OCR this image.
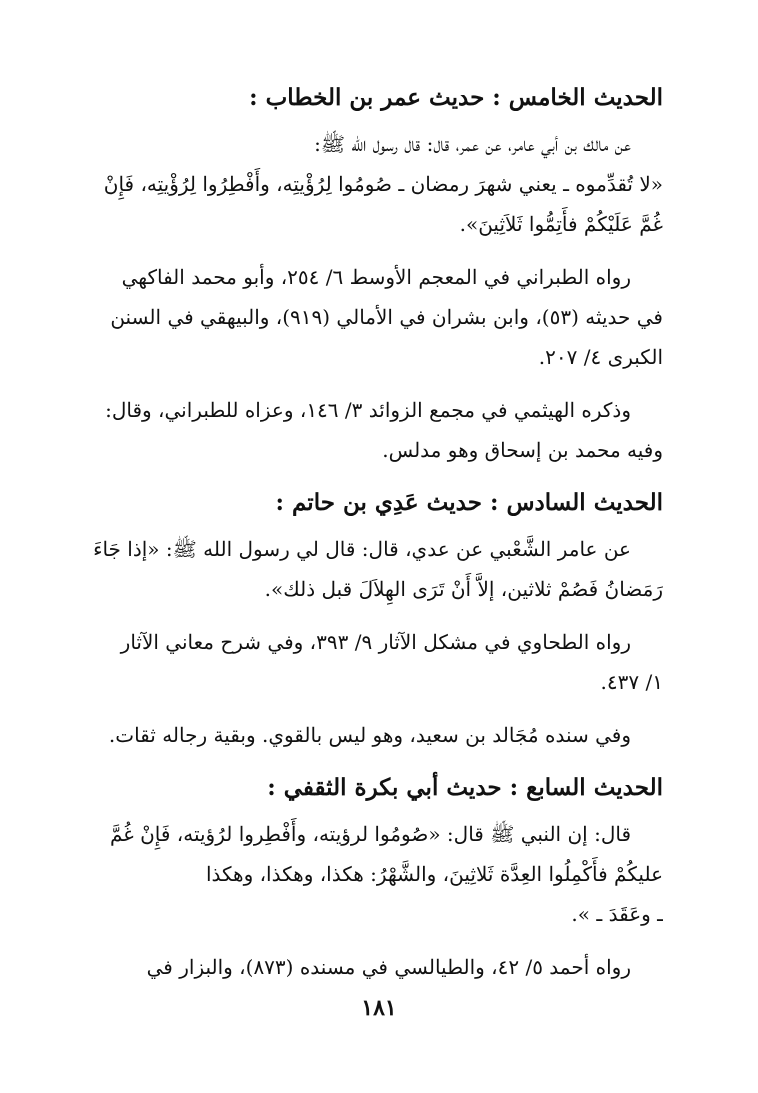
الحديث الخامس : حديث عمر بن الخطاب :
عن مالك بن أبي عامر، عن عمر، قال: قال رسول الله ﷺ:
«لا تُقدِّموه ـ يعني شهرَ رمضان ـ صُومُوا لِرُؤْيتِه، وأَفْطِرُوا لِرُؤْيتِه، فَإِنْ
غُمَّ عَلَيْكُمْ فأَتِمُّوا ثَلاَثِينَ».
رواه الطبراني في المعجم الأوسط ٦/ ٢٥٤، وأبو محمد الفاكهي
في حديثه (٥٣)، وابن بشران في الأمالي (٩١٩)، والبيهقي في السنن
الكبرى ٤/ ٢٠٧.
وذكره الهيثمي في مجمع الزوائد ٣/ ١٤٦، وعزاه للطبراني، وقال:
وفيه محمد بن إسحاق وهو مدلس.
الحديث السادس : حديث عَدِي بن حاتم :
عن عامر الشَّعْبي عن عدي، قال: قال لي رسول الله ﷺ: «إذا جَاءَ
رَمَضانُ فَصُمْ ثلاثين، إلاَّ أَنْ تَرَى الهِلاَلَ قبل ذلك».
رواه الطحاوي في مشكل الآثار ٩/ ٣٩٣، وفي شرح معاني الآثار
١/ ٤٣٧.
وفي سنده مُجَالد بن سعيد، وهو ليس بالقوي. وبقية رجاله ثقات.
الحديث السابع : حديث أبي بكرة الثقفي :
قال: إن النبي ﷺ قال: «صُومُوا لرؤيته، وأَفْطِروا لرُؤيته، فَإِنْ غُمَّ
عليكُمْ فأَكْمِلُوا العِدَّة ثَلاثِينَ، والشَّهْرُ: هكذا، وهكذا، وهكذا
ـ وعَقَدَ ـ ».
رواه أحمد ٥/ ٤٢، والطيالسي في مسنده (٨٧٣)، والبزار في
١٨١
